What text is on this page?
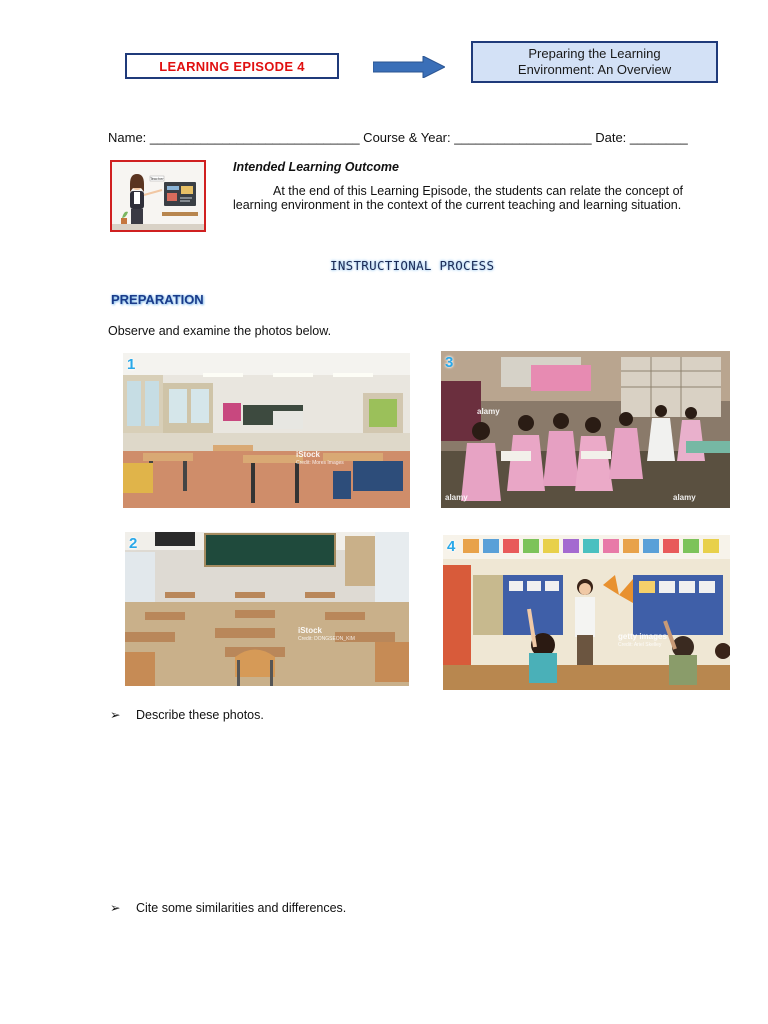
LEARNING EPISODE 4
Preparing the Learning
Environment: An Overview
Name: _____________________________ Course & Year: ___________________ Date: ________
Teacher
Intended Learning Outcome
At the end of this Learning Episode, the students can relate the concept of learning environment in the context of the current teaching and learning situation.
INSTRUCTIONAL PROCESS
PREPARATION
Observe and examine the photos below.
1
iStock
Credit: Mores Images
3
alamy
alamy
alamy
2
iStock
Credit: DONGSEON_KIM
4
getty images
Credit: Ariel Skelley
➢ Describe these photos.
➢ Cite some similarities and differences.
